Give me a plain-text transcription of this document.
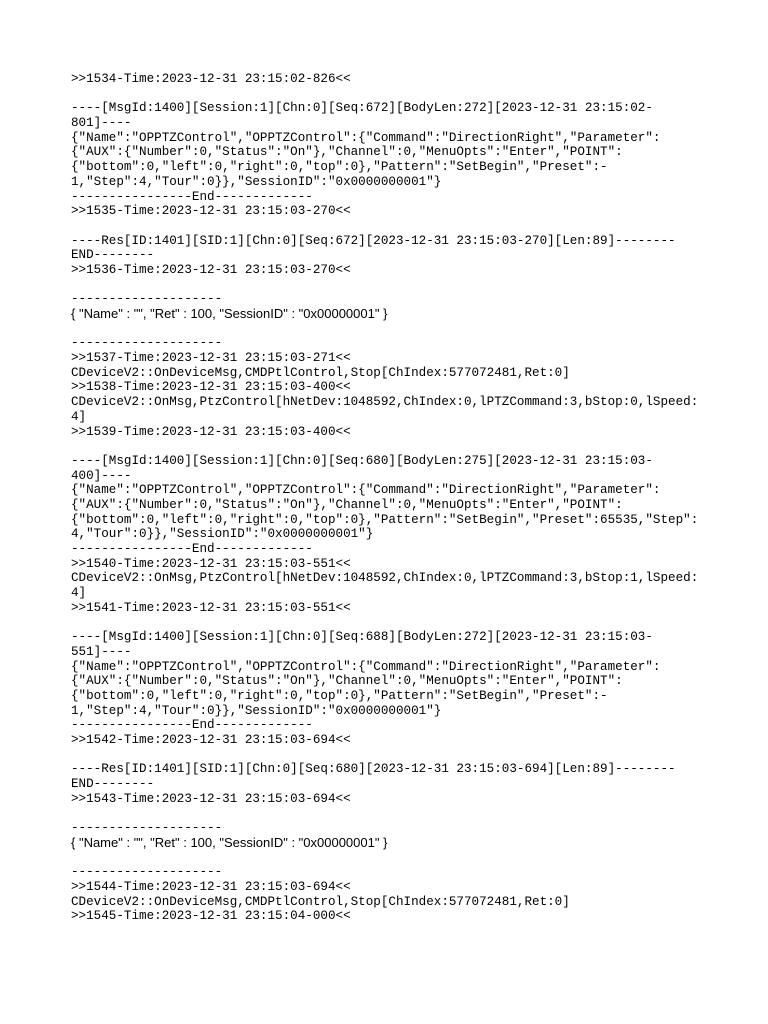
>>1534-Time:2023-12-31 23:15:02-826<<
----[MsgId:1400][Session:1][Chn:0][Seq:672][BodyLen:272][2023-12-31 23:15:02-
801]----
{"Name":"OPPTZControl","OPPTZControl":{"Command":"DirectionRight","Parameter":
{"AUX":{"Number":0,"Status":"On"},"Channel":0,"MenuOpts":"Enter","POINT":
{"bottom":0,"left":0,"right":0,"top":0},"Pattern":"SetBegin","Preset":-
1,"Step":4,"Tour":0}},"SessionID":"0x0000000001"}
----------------End-------------
>>1535-Time:2023-12-31 23:15:03-270<<
----Res[ID:1401][SID:1][Chn:0][Seq:672][2023-12-31 23:15:03-270][Len:89]--------
END--------
>>1536-Time:2023-12-31 23:15:03-270<<
--------------------
{ "Name" : "", "Ret" : 100, "SessionID" : "0x00000001" }
--------------------
>>1537-Time:2023-12-31 23:15:03-271<<
CDeviceV2::OnDeviceMsg,CMDPtlControl,Stop[ChIndex:577072481,Ret:0]
>>1538-Time:2023-12-31 23:15:03-400<<
CDeviceV2::OnMsg,PtzControl[hNetDev:1048592,ChIndex:0,lPTZCommand:3,bStop:0,lSpeed:
4]
>>1539-Time:2023-12-31 23:15:03-400<<
----[MsgId:1400][Session:1][Chn:0][Seq:680][BodyLen:275][2023-12-31 23:15:03-
400]----
{"Name":"OPPTZControl","OPPTZControl":{"Command":"DirectionRight","Parameter":
{"AUX":{"Number":0,"Status":"On"},"Channel":0,"MenuOpts":"Enter","POINT":
{"bottom":0,"left":0,"right":0,"top":0},"Pattern":"SetBegin","Preset":65535,"Step":
4,"Tour":0}},"SessionID":"0x0000000001"}
----------------End-------------
>>1540-Time:2023-12-31 23:15:03-551<<
CDeviceV2::OnMsg,PtzControl[hNetDev:1048592,ChIndex:0,lPTZCommand:3,bStop:1,lSpeed:
4]
>>1541-Time:2023-12-31 23:15:03-551<<
----[MsgId:1400][Session:1][Chn:0][Seq:688][BodyLen:272][2023-12-31 23:15:03-
551]----
{"Name":"OPPTZControl","OPPTZControl":{"Command":"DirectionRight","Parameter":
{"AUX":{"Number":0,"Status":"On"},"Channel":0,"MenuOpts":"Enter","POINT":
{"bottom":0,"left":0,"right":0,"top":0},"Pattern":"SetBegin","Preset":-
1,"Step":4,"Tour":0}},"SessionID":"0x0000000001"}
----------------End-------------
>>1542-Time:2023-12-31 23:15:03-694<<
----Res[ID:1401][SID:1][Chn:0][Seq:680][2023-12-31 23:15:03-694][Len:89]--------
END--------
>>1543-Time:2023-12-31 23:15:03-694<<
--------------------
{ "Name" : "", "Ret" : 100, "SessionID" : "0x00000001" }
--------------------
>>1544-Time:2023-12-31 23:15:03-694<<
CDeviceV2::OnDeviceMsg,CMDPtlControl,Stop[ChIndex:577072481,Ret:0]
>>1545-Time:2023-12-31 23:15:04-000<<
